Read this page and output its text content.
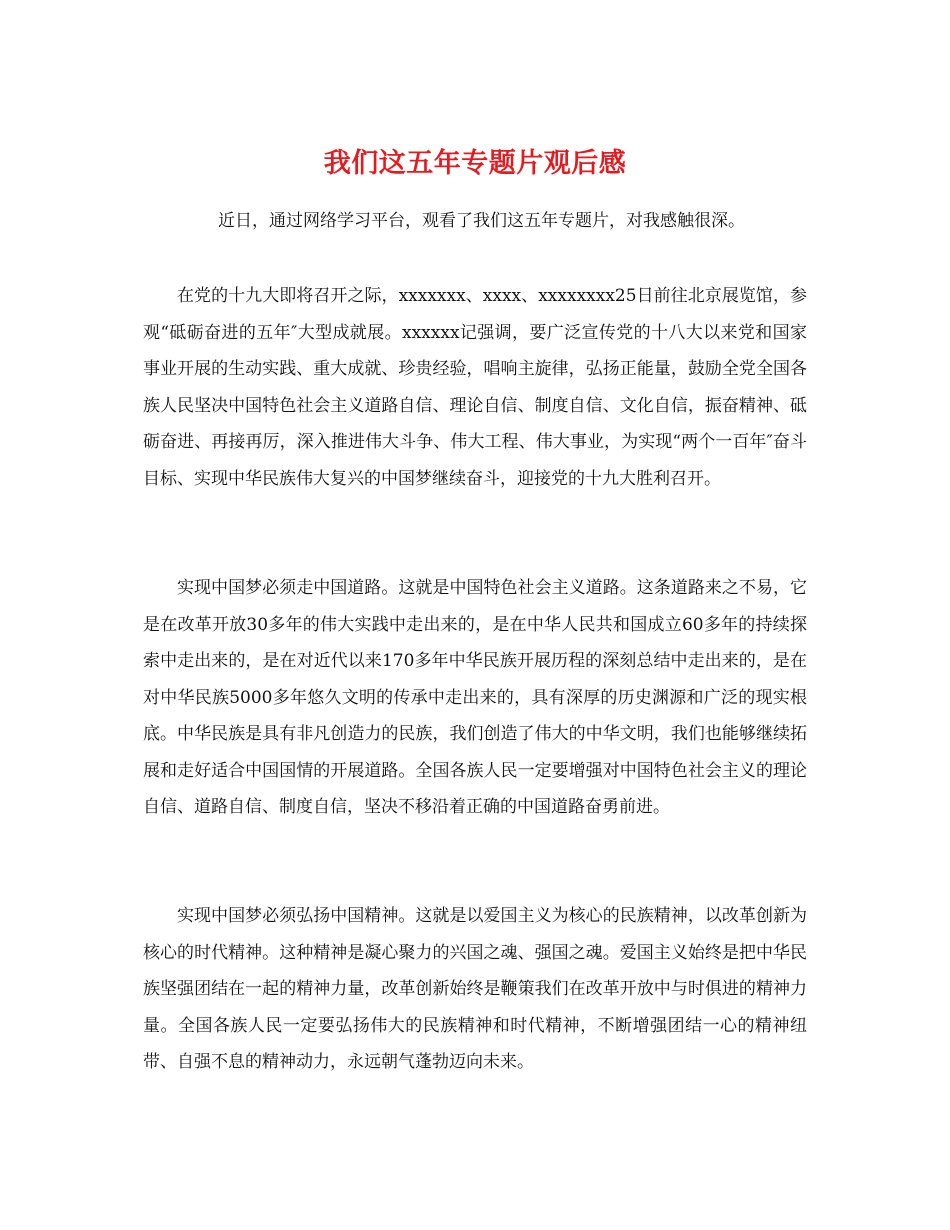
我们这五年专题片观后感

近日，通过网络学习平台，观看了我们这五年专题片，对我感触很深。

在党的十九大即将召开之际，xxxxxxx、xxxx、xxxxxxxx25日前往北京展览馆，参观“砥砺奋进的五年″大型成就展。xxxxxx记强调，要广泛宣传党的十八大以来党和国家事业开展的生动实践、重大成就、珍贵经验，唱响主旋律，弘扬正能量，鼓励全党全国各族人民坚决中国特色社会主义道路自信、理论自信、制度自信、文化自信，振奋精神、砥砺奋进、再接再厉，深入推进伟大斗争、伟大工程、伟大事业，为实现“两个一百年″奋斗目标、实现中华民族伟大复兴的中国梦继续奋斗，迎接党的十九大胜利召开。

实现中国梦必须走中国道路。这就是中国特色社会主义道路。这条道路来之不易，它是在改革开放30多年的伟大实践中走出来的，是在中华人民共和国成立60多年的持续探索中走出来的，是在对近代以来170多年中华民族开展历程的深刻总结中走出来的，是在对中华民族5000多年悠久文明的传承中走出来的，具有深厚的历史渊源和广泛的现实根底。中华民族是具有非凡创造力的民族，我们创造了伟大的中华文明，我们也能够继续拓展和走好适合中国国情的开展道路。全国各族人民一定要增强对中国特色社会主义的理论自信、道路自信、制度自信，坚决不移沿着正确的中国道路奋勇前进。

实现中国梦必须弘扬中国精神。这就是以爱国主义为核心的民族精神，以改革创新为核心的时代精神。这种精神是凝心聚力的兴国之魂、强国之魂。爱国主义始终是把中华民族坚强团结在一起的精神力量，改革创新始终是鞭策我们在改革开放中与时俱进的精神力量。全国各族人民一定要弘扬伟大的民族精神和时代精神，不断增强团结一心的精神纽带、自强不息的精神动力，永远朝气蓬勃迈向未来。
